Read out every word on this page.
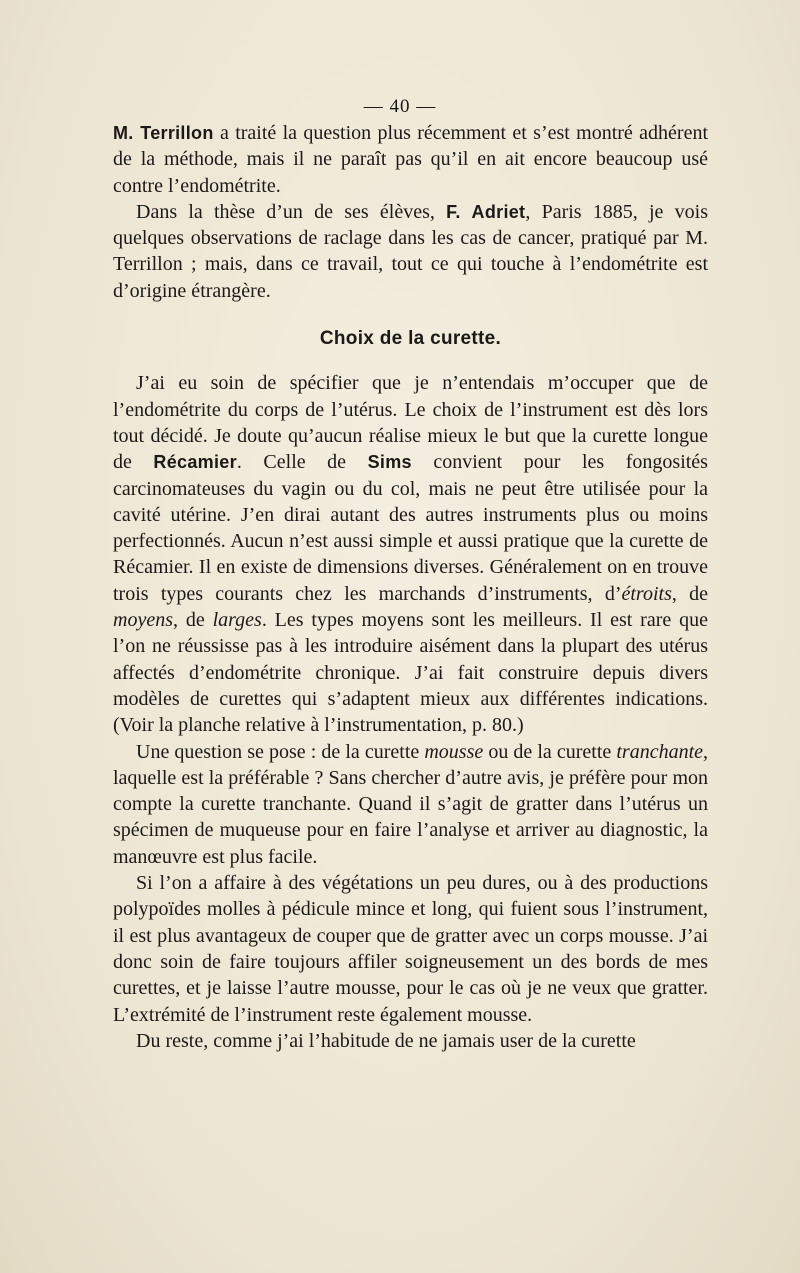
— 40 —

M. Terrillon a traité la question plus récemment et s’est montré adhérent de la méthode, mais il ne paraît pas qu’il en ait encore beaucoup usé contre l’endométrite.

Dans la thèse d’un de ses élèves, F. Adriet, Paris 1885, je vois quelques observations de raclage dans les cas de cancer, pratiqué par M. Terrillon ; mais, dans ce travail, tout ce qui touche à l’endométrite est d’origine étrangère.

Choix de la curette.

J’ai eu soin de spécifier que je n’entendais m’occuper que de l’endométrite du corps de l’utérus. Le choix de l’instrument est dès lors tout décidé. Je doute qu’aucun réalise mieux le but que la curette longue de Récamier. Celle de Sims convient pour les fongosités carcinomateuses du vagin ou du col, mais ne peut être utilisée pour la cavité utérine. J’en dirai autant des autres instruments plus ou moins perfectionnés. Aucun n’est aussi simple et aussi pratique que la curette de Récamier. Il en existe de dimensions diverses. Généralement on en trouve trois types courants chez les marchands d’instruments, d’étroits, de moyens, de larges. Les types moyens sont les meilleurs. Il est rare que l’on ne réussisse pas à les introduire aisément dans la plupart des utérus affectés d’endométrite chronique. J’ai fait construire depuis divers modèles de curettes qui s’adaptent mieux aux différentes indications. (Voir la planche relative à l’instrumentation, p. 80.)

Une question se pose : de la curette mousse ou de la curette tranchante, laquelle est la préférable ? Sans chercher d’autre avis, je préfère pour mon compte la curette tranchante. Quand il s’agit de gratter dans l’utérus un spécimen de muqueuse pour en faire l’analyse et arriver au diagnostic, la manœuvre est plus facile.

Si l’on a affaire à des végétations un peu dures, ou à des productions polypoïdes molles à pédicule mince et long, qui fuient sous l’instrument, il est plus avantageux de couper que de gratter avec un corps mousse. J’ai donc soin de faire toujours affiler soigneusement un des bords de mes curettes, et je laisse l’autre mousse, pour le cas où je ne veux que gratter. L’extrémité de l’instrument reste également mousse.

Du reste, comme j’ai l’habitude de ne jamais user de la curette
